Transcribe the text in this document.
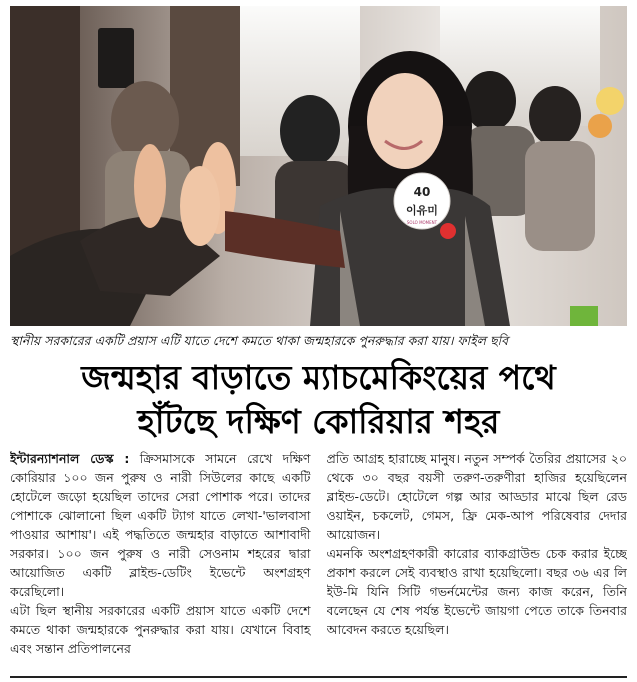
40
이유미
SOLO MOMENT
স্থানীয় সরকারের একটি প্রয়াস এটি যাতে দেশে কমতে থাকা জন্মহারকে পুনরুদ্ধার করা যায়। ফাইল ছবি
জন্মহার বাড়াতে ম্যাচমেকিংয়ের পথে
হাঁটছে দক্ষিণ কোরিয়ার শহর

ইন্টারন্যাশনাল ডেস্ক : ক্রিসমাসকে সামনে রেখে দক্ষিণ কোরিয়ার ১০০ জন পুরুষ ও নারী সিউলের কাছে একটি হোটেলে জড়ো হয়েছিল তাদের সেরা পোশাক পরে। তাদের পোশাকে ঝোলানো ছিল একটি ট্যাগ যাতে লেখা-'ভালবাসা পাওয়ার আশায়'। এই পদ্ধতিতে জন্মহার বাড়াতে আশাবাদী সরকার। ১০০ জন পুরুষ ও নারী সেওনাম শহরের দ্বারা আয়োজিত একটি ব্লাইন্ড-ডেটিং ইভেন্টে অংশগ্রহণ করেছিলো।

এটা ছিল স্থানীয় সরকারের একটি প্রয়াস যাতে একটি দেশে কমতে থাকা জন্মহারকে পুনরুদ্ধার করা যায়। যেখানে বিবাহ এবং সন্তান প্রতিপালনের

প্রতি আগ্রহ হারাচ্ছে মানুষ। নতুন সম্পর্ক তৈরির প্রয়াসের ২০ থেকে ৩০ বছর বয়সী তরুণ-তরুণীরা হাজির হয়েছিলেন ব্লাইন্ড-ডেটে। হোটেলে গল্প আর আড্ডার মাঝে ছিল রেড ওয়াইন, চকলেট, গেমস, ফ্রি মেক-আপ পরিষেবার দেদার আয়োজন।

এমনকি অংশগ্রহণকারী কারোর ব্যাকগ্রাউন্ড চেক করার ইচ্ছে প্রকাশ করলে সেই ব্যবস্থাও রাখা হয়েছিলো। বছর ৩৬ এর লি ইউ-মি যিনি সিটি গভর্নমেন্টের জন্য কাজ করেন, তিনি বলেছেন যে শেষ পর্যন্ত ইভেন্টে জায়গা পেতে তাকে তিনবার আবেদন করতে হয়েছিল।
